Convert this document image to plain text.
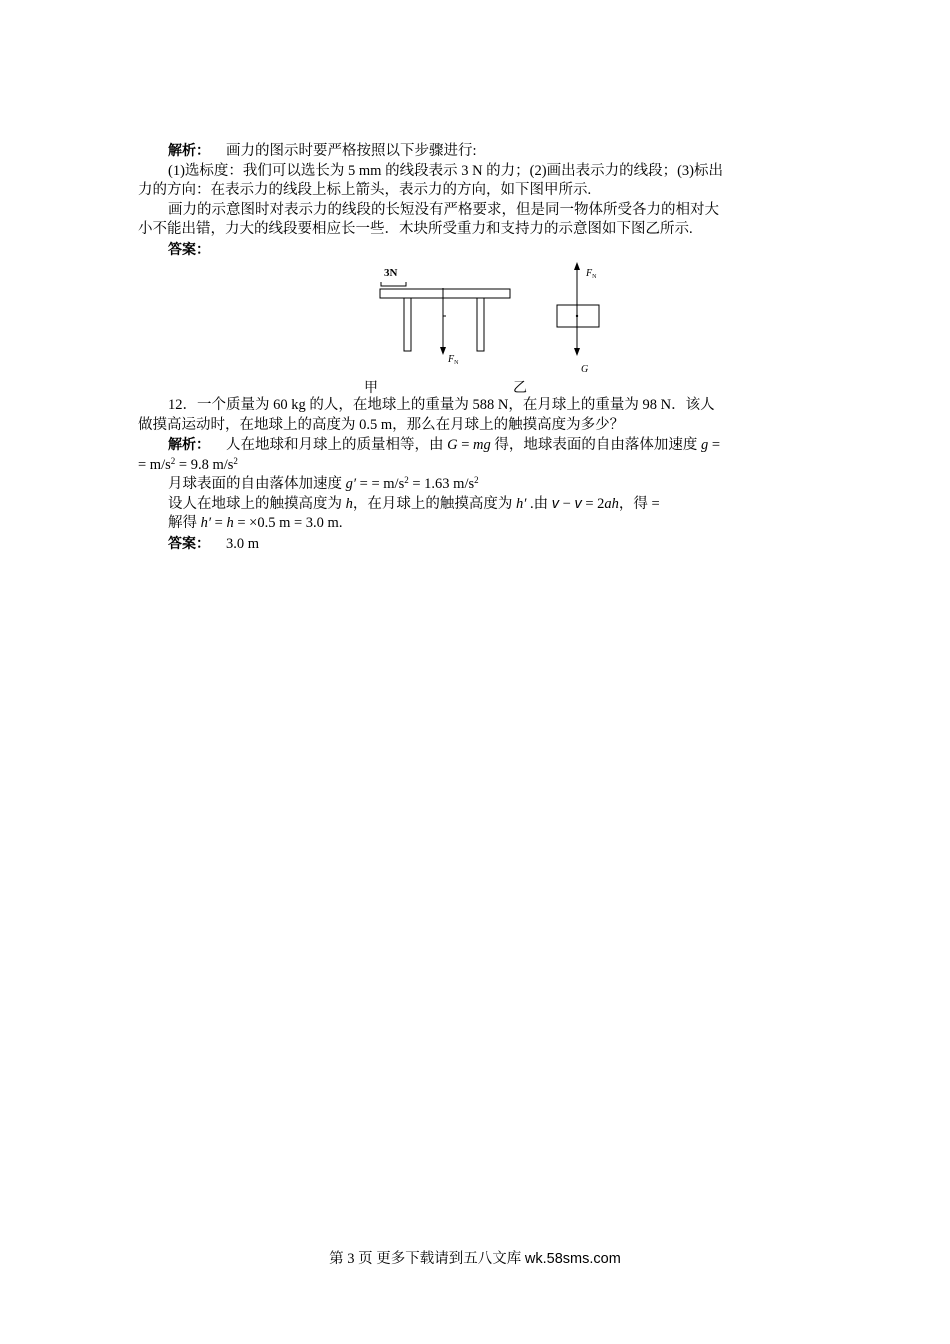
解析： 画力的图示时要严格按照以下步骤进行:
(1)选标度：我们可以选长为 5 mm 的线段表示 3 N 的力；(2)画出表示力的线段；(3)标出
力的方向：在表示力的线段上标上箭头，表示力的方向，如下图甲所示.
画力的示意图时对表示力的线段的长短没有严格要求，但是同一物体所受各力的相对大
小不能出错，力大的线段要相应长一些．木块所受重力和支持力的示意图如下图乙所示.
答案：
3N
$F_N$
甲
$F_N$
G
乙
12．一个质量为 60 kg 的人，在地球上的重量为 588 N，在月球上的重量为 98 N．该人
做摸高运动时，在地球上的高度为 0.5 m，那么在月球上的触摸高度为多少？
解析： 人在地球和月球上的质量相等，由 G = mg 得，地球表面的自由落体加速度 g =
= $m/s^2 = 9.8$ $m/s^2$
月球表面的自由落体加速度 g′ = = $m/s^2 = 1.63$ $m/s^2$
设人在地球上的触摸高度为 h，在月球上的触摸高度为 h′ .由 v − v = 2ah，得 =
解得 h′ = h = ×0.5 m = 3.0 m.
答案： 3.0 m
第 3 页 更多下载请到五八文库 wk.58sms.com
